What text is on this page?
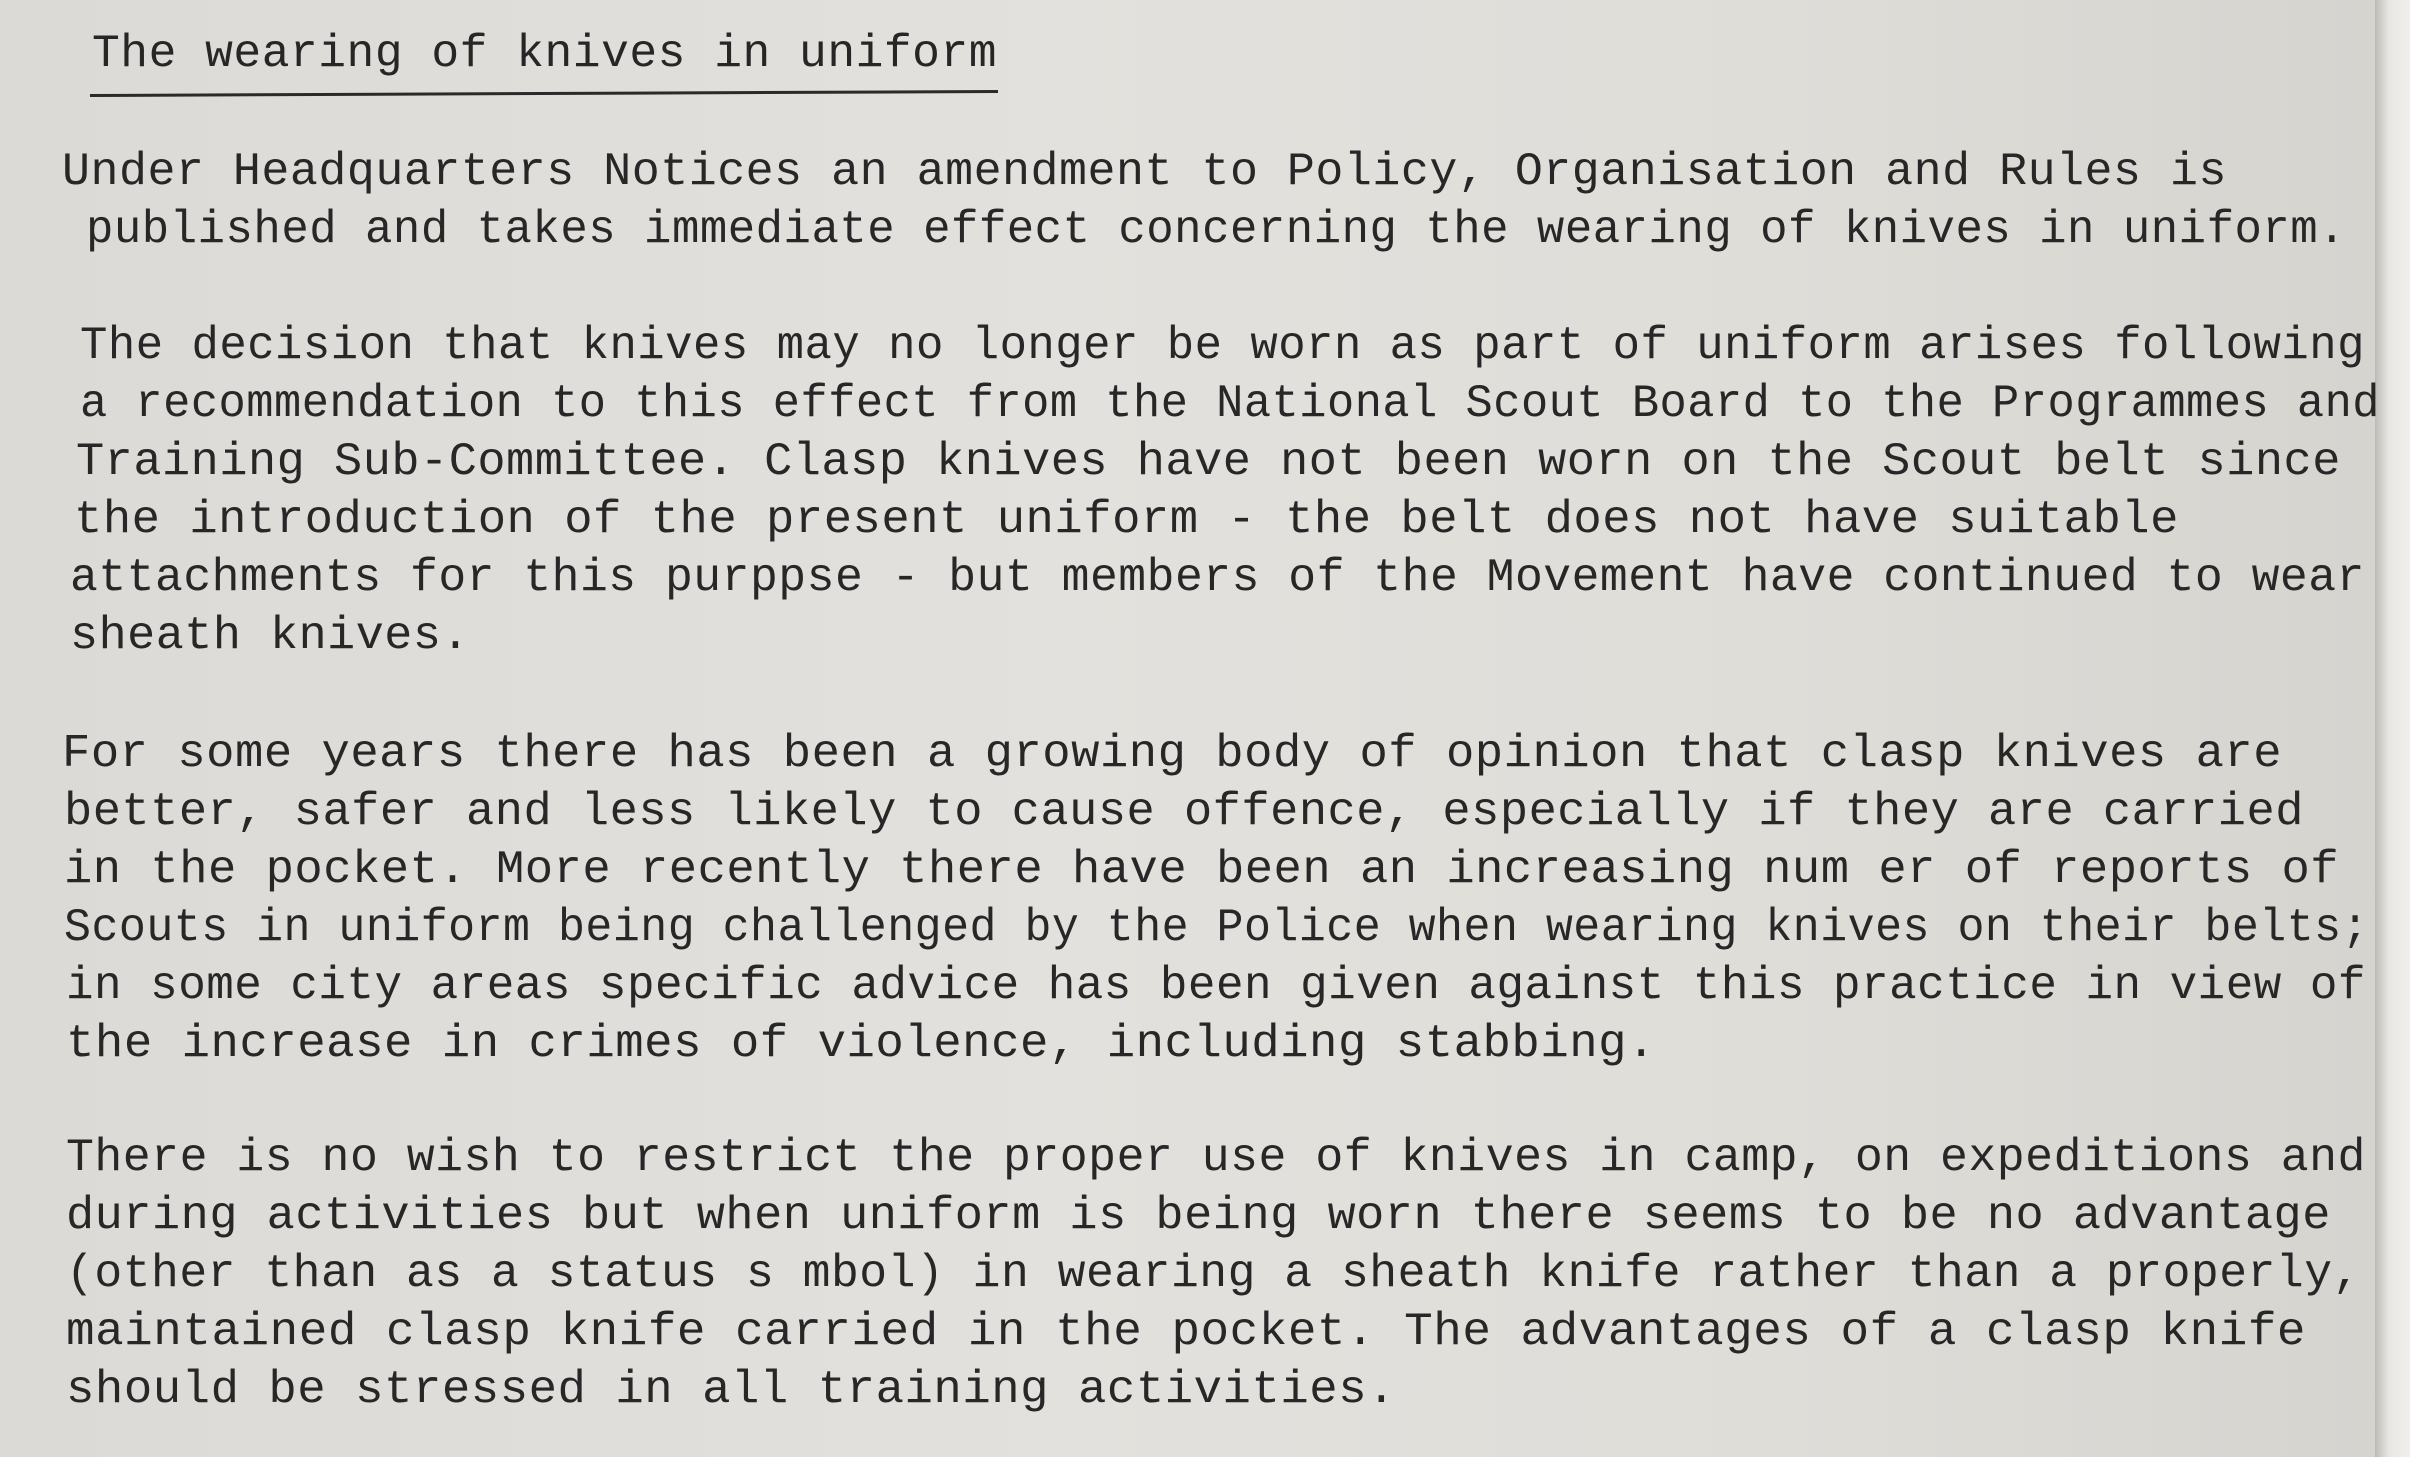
The wearing of knives in uniform
Under Headquarters Notices an amendment to Policy, Organisation and Rules is
published and takes immediate effect concerning the wearing of knives in uniform.
The decision that knives may no longer be worn as part of uniform arises following
a recommendation to this effect from the National Scout Board to the Programmes and
Training Sub-Committee. Clasp knives have not been worn on the Scout belt since
the introduction of the present uniform - the belt does not have suitable
attachments for this purppse - but members of the Movement have continued to wear
sheath knives.
For some years there has been a growing body of opinion that clasp knives are
better, safer and less likely to cause offence, especially if they are carried
in the pocket. More recently there have been an increasing num er of reports of
Scouts in uniform being challenged by the Police when wearing knives on their belts;
in some city areas specific advice has been given against this practice in view of
the increase in crimes of violence, including stabbing.
There is no wish to restrict the proper use of knives in camp, on expeditions and
during activities but when uniform is being worn there seems to be no advantage
(other than as a status s mbol) in wearing a sheath knife rather than a properly,
maintained clasp knife carried in the pocket. The advantages of a clasp knife
should be stressed in all training activities.
